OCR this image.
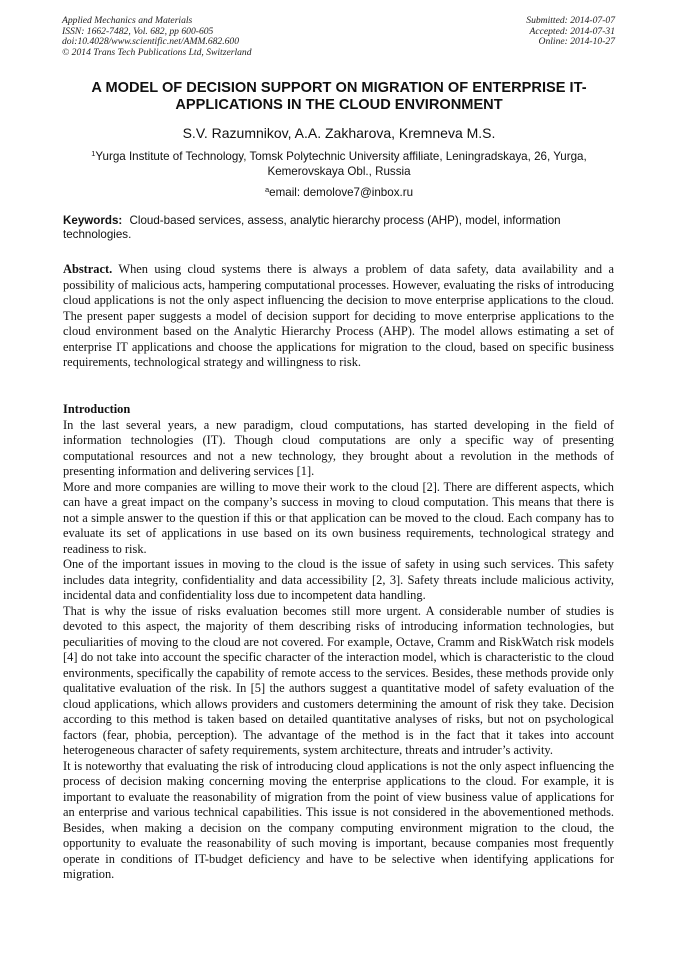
Applied Mechanics and Materials
ISSN: 1662-7482, Vol. 682, pp 600-605
doi:10.4028/www.scientific.net/AMM.682.600
© 2014 Trans Tech Publications Ltd, Switzerland
Submitted: 2014-07-07
Accepted: 2014-07-31
Online: 2014-10-27
A MODEL OF DECISION SUPPORT ON MIGRATION OF ENTERPRISE IT-APPLICATIONS IN THE CLOUD ENVIRONMENT
S.V. Razumnikov, A.A. Zakharova, Kremneva M.S.
$^1$Yurga Institute of Technology, Tomsk Polytechnic University affiliate, Leningradskaya, 26, Yurga, Kemerovskaya Obl., Russia
$^a$email: demolove7@inbox.ru
Keywords: Cloud-based services, assess, analytic hierarchy process (AHP), model, information technologies.

Abstract. When using cloud systems there is always a problem of data safety, data availability and a possibility of malicious acts, hampering computational processes. However, evaluating the risks of introducing cloud applications is not the only aspect influencing the decision to move enterprise applications to the cloud. The present paper suggests a model of decision support for deciding to move enterprise applications to the cloud environment based on the Analytic Hierarchy Process (AHP). The model allows estimating a set of enterprise IT applications and choose the applications for migration to the cloud, based on specific business requirements, technological strategy and willingness to risk.

Introduction

In the last several years, a new paradigm, cloud computations, has started developing in the field of information technologies (IT). Though cloud computations are only a specific way of presenting computational resources and not a new technology, they brought about a revolution in the methods of presenting information and delivering services [1].

More and more companies are willing to move their work to the cloud [2]. There are different aspects, which can have a great impact on the company’s success in moving to cloud computation. This means that there is not a simple answer to the question if this or that application can be moved to the cloud. Each company has to evaluate its set of applications in use based on its own business requirements, technological strategy and readiness to risk.

One of the important issues in moving to the cloud is the issue of safety in using such services. This safety includes data integrity, confidentiality and data accessibility [2, 3]. Safety threats include malicious activity, incidental data and confidentiality loss due to incompetent data handling.

That is why the issue of risks evaluation becomes still more urgent. A considerable number of studies is devoted to this aspect, the majority of them describing risks of introducing information technologies, but peculiarities of moving to the cloud are not covered. For example, Octave, Cramm and RiskWatch risk models [4] do not take into account the specific character of the interaction model, which is characteristic to the cloud environments, specifically the capability of remote access to the services. Besides, these methods provide only qualitative evaluation of the risk. In [5] the authors suggest a quantitative model of safety evaluation of the cloud applications, which allows providers and customers determining the amount of risk they take. Decision according to this method is taken based on detailed quantitative analyses of risks, but not on psychological factors (fear, phobia, perception). The advantage of the method is in the fact that it takes into account heterogeneous character of safety requirements, system architecture, threats and intruder’s activity.

It is noteworthy that evaluating the risk of introducing cloud applications is not the only aspect influencing the process of decision making concerning moving the enterprise applications to the cloud. For example, it is important to evaluate the reasonability of migration from the point of view business value of applications for an enterprise and various technical capabilities. This issue is not considered in the abovementioned methods. Besides, when making a decision on the company computing environment migration to the cloud, the opportunity to evaluate the reasonability of such moving is important, because companies most frequently operate in conditions of IT-budget deficiency and have to be selective when identifying applications for migration.
